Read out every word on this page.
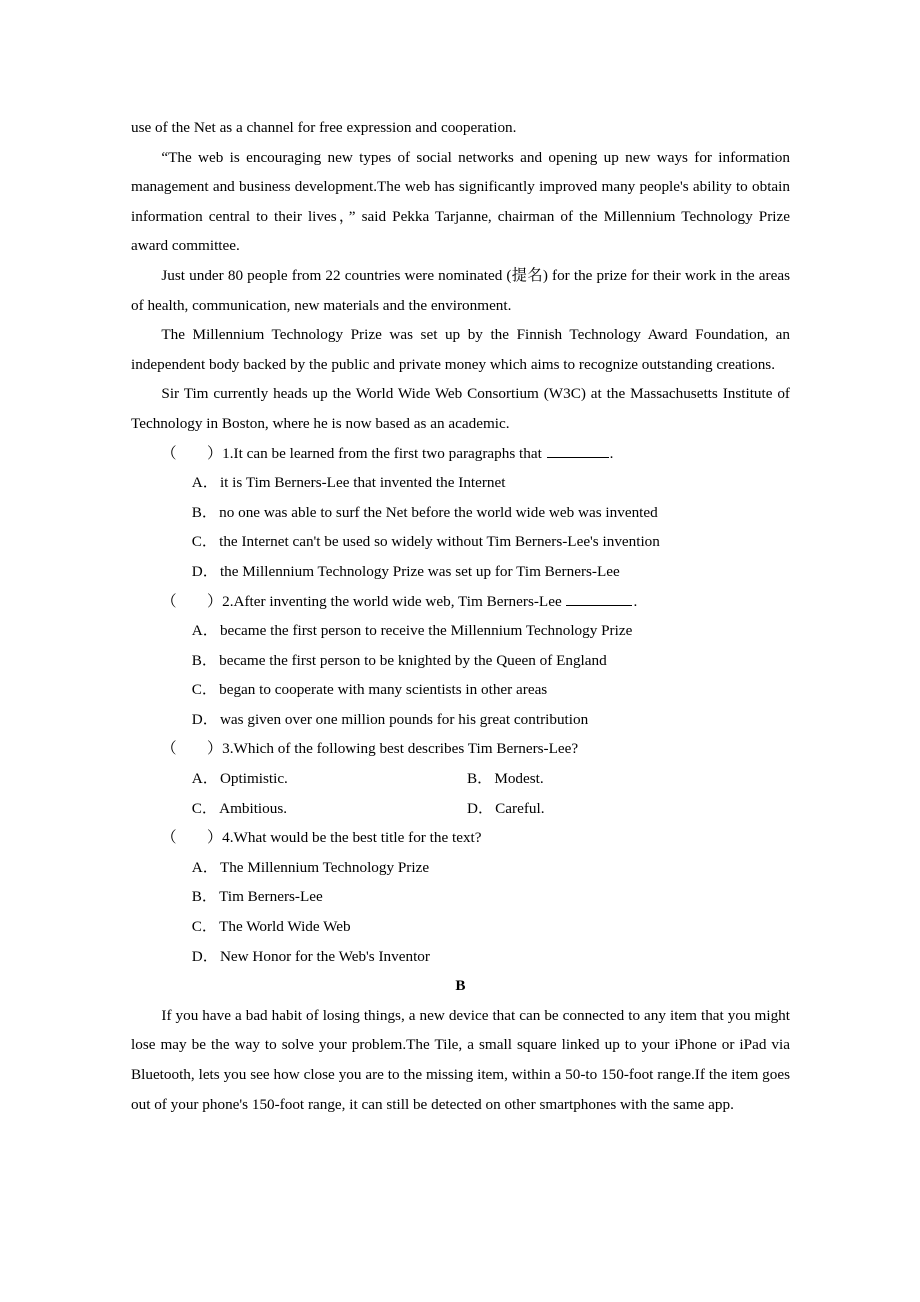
use of the Net as a channel for free expression and cooperation.

“The web is encouraging new types of social networks and opening up new ways for information management and business development.The web has significantly improved many people's ability to obtain information central to their lives，” said Pekka Tarjanne, chairman of the Millennium Technology Prize award committee.

Just under 80 people from 22 countries were nominated (提名) for the prize for their work in the areas of health, communication, new materials and the environment.

The Millennium Technology Prize was set up by the Finnish Technology Award Foundation, an independent body backed by the public and private money which aims to recognize outstanding creations.

Sir Tim currently heads up the World Wide Web Consortium (W3C) at the Massachusetts Institute of Technology in Boston, where he is now based as an academic.

（　　）1.It can be learned from the first two paragraphs that	.

A． it is Tim Berners-Lee that invented the Internet

B． no one was able to surf the Net before the world wide web was invented

C． the Internet can't be used so widely without Tim Berners-Lee's invention

D． the Millennium Technology Prize was set up for Tim Berners-Lee

（　　）2.After inventing the world wide web, Tim Berners-Lee	.

A． became the first person to receive the Millennium Technology Prize

B． became the first person to be knighted by the Queen of England

C． began to cooperate with many scientists in other areas

D． was given over one million pounds for his great contribution

（　　）3.Which of the following best describes Tim Berners-Lee?

A． Optimistic.	B． Modest.

C． Ambitious.	D． Careful.

（　　）4.What would be the best title for the text?

A． The Millennium Technology Prize

B． Tim Berners-Lee

C． The World Wide Web

D． New Honor for the Web's Inventor

B

If you have a bad habit of losing things, a new device that can be connected to any item that you might lose may be the way to solve your problem.The Tile, a small square linked up to your iPhone or iPad via Bluetooth, lets you see how close you are to the missing item, within a 50-to 150-foot range.If the item goes out of your phone's 150-foot range, it can still be detected on other smartphones with the same app.
